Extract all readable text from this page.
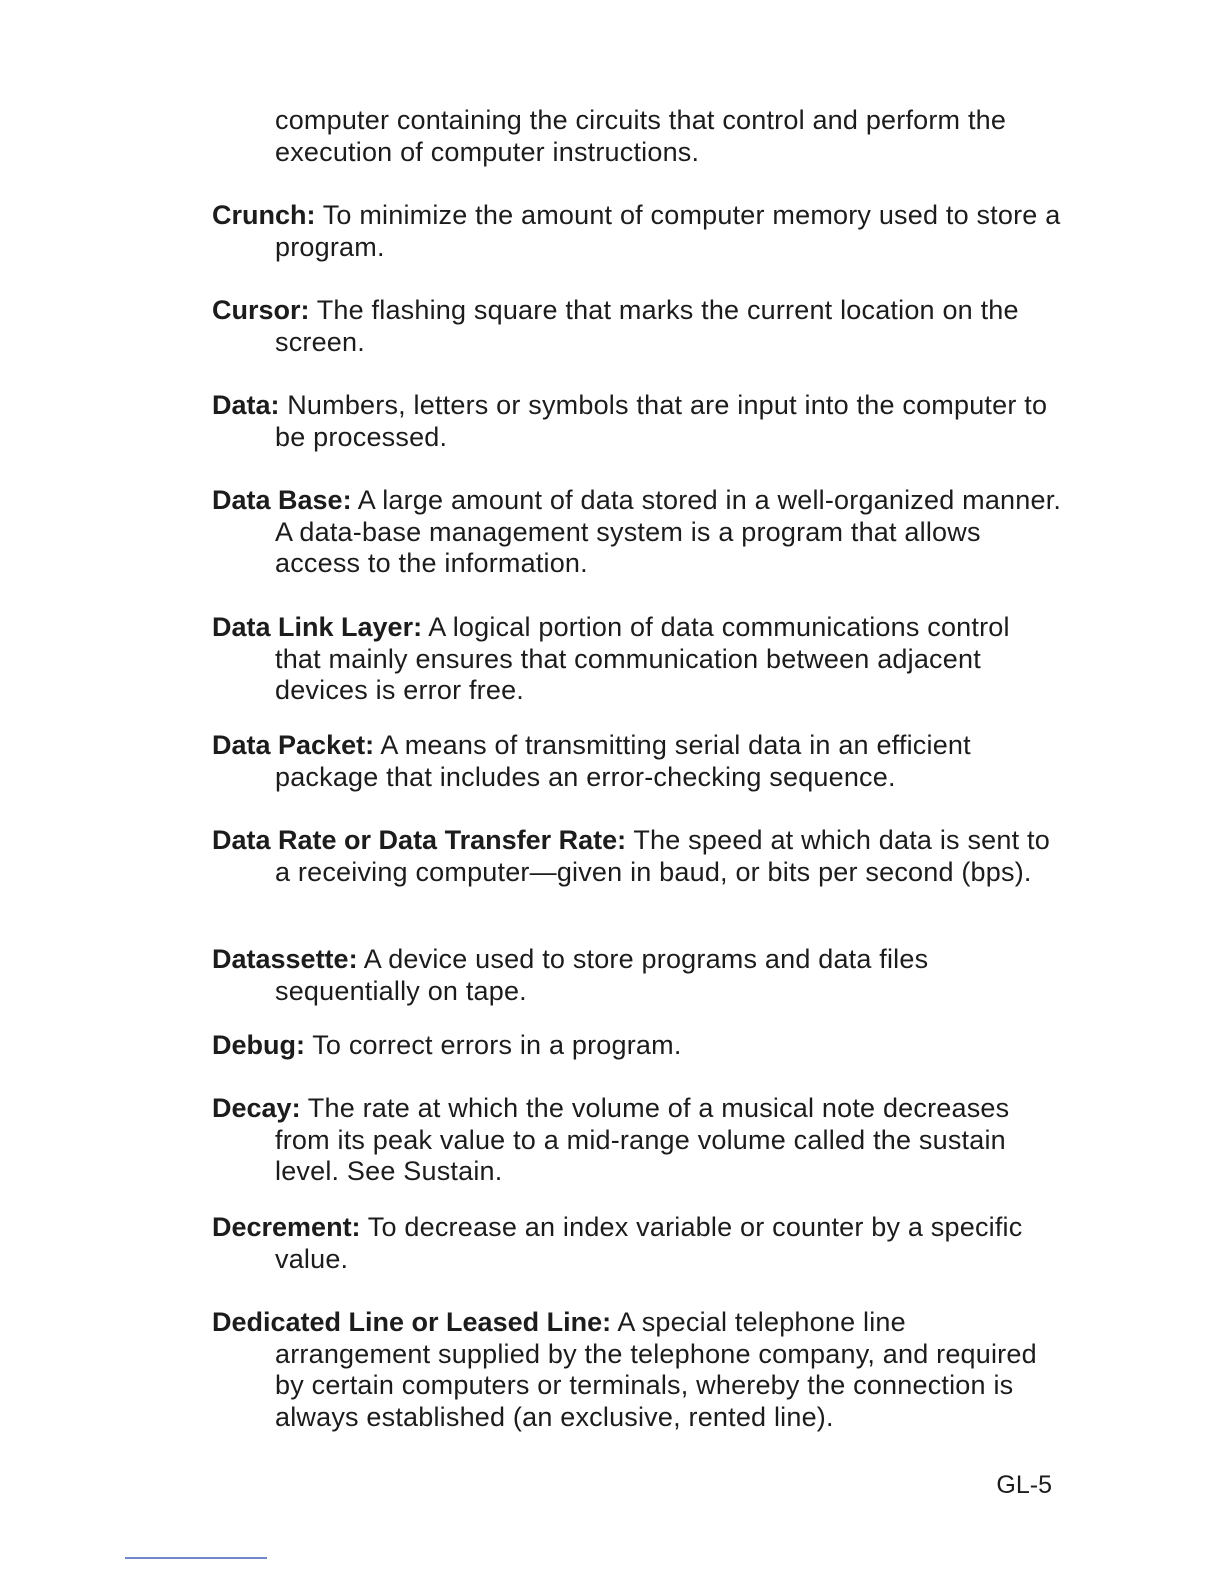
computer containing the circuits that control and perform the execution of computer instructions.
Crunch: To minimize the amount of computer memory used to store a program.
Cursor: The flashing square that marks the current location on the screen.
Data: Numbers, letters or symbols that are input into the computer to be processed.
Data Base: A large amount of data stored in a well-organized manner. A data-base management system is a program that allows access to the information.
Data Link Layer: A logical portion of data communications control that mainly ensures that communication between adjacent devices is error free.
Data Packet: A means of transmitting serial data in an efficient package that includes an error-checking sequence.
Data Rate or Data Transfer Rate: The speed at which data is sent to a receiving computer—given in baud, or bits per second (bps).
Datassette: A device used to store programs and data files sequentially on tape.
Debug: To correct errors in a program.
Decay: The rate at which the volume of a musical note decreases from its peak value to a mid-range volume called the sustain level. See Sustain.
Decrement: To decrease an index variable or counter by a specific value.
Dedicated Line or Leased Line: A special telephone line arrangement supplied by the telephone company, and required by certain computers or terminals, whereby the connection is always established (an exclusive, rented line).
GL-5
